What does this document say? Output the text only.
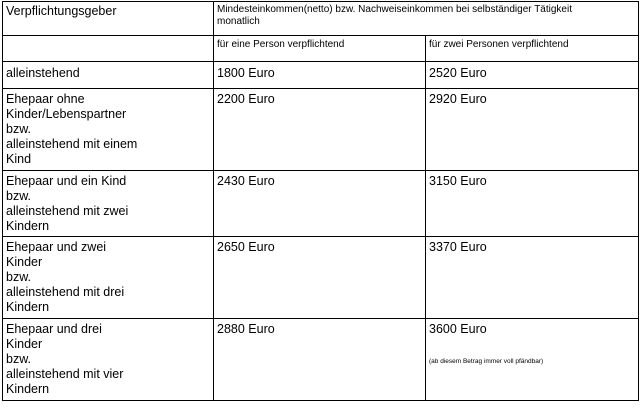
Verpflichtungsgeber	Mindesteinkommen(netto) bzw. Nachweiseinkommen bei selbständiger Tätigkeit
monatlich	

	für eine Person verpflichtend	für zwei Personen verpflichtend

alleinstehend	1800 Euro	2520 Euro

Ehepaar ohne
Kinder/Lebenspartner
bzw.
alleinstehend mit einem
Kind	2200 Euro	2920 Euro

Ehepaar und ein Kind
bzw.
alleinstehend mit zwei
Kindern	2430 Euro	3150 Euro

Ehepaar und zwei
Kinder
bzw.
alleinstehend mit drei
Kindern	2650 Euro	3370 Euro

Ehepaar und drei
Kinder
bzw.
alleinstehend mit vier
Kindern	2880 Euro	3600 Euro
(ab diesem Betrag immer voll pfändbar)
